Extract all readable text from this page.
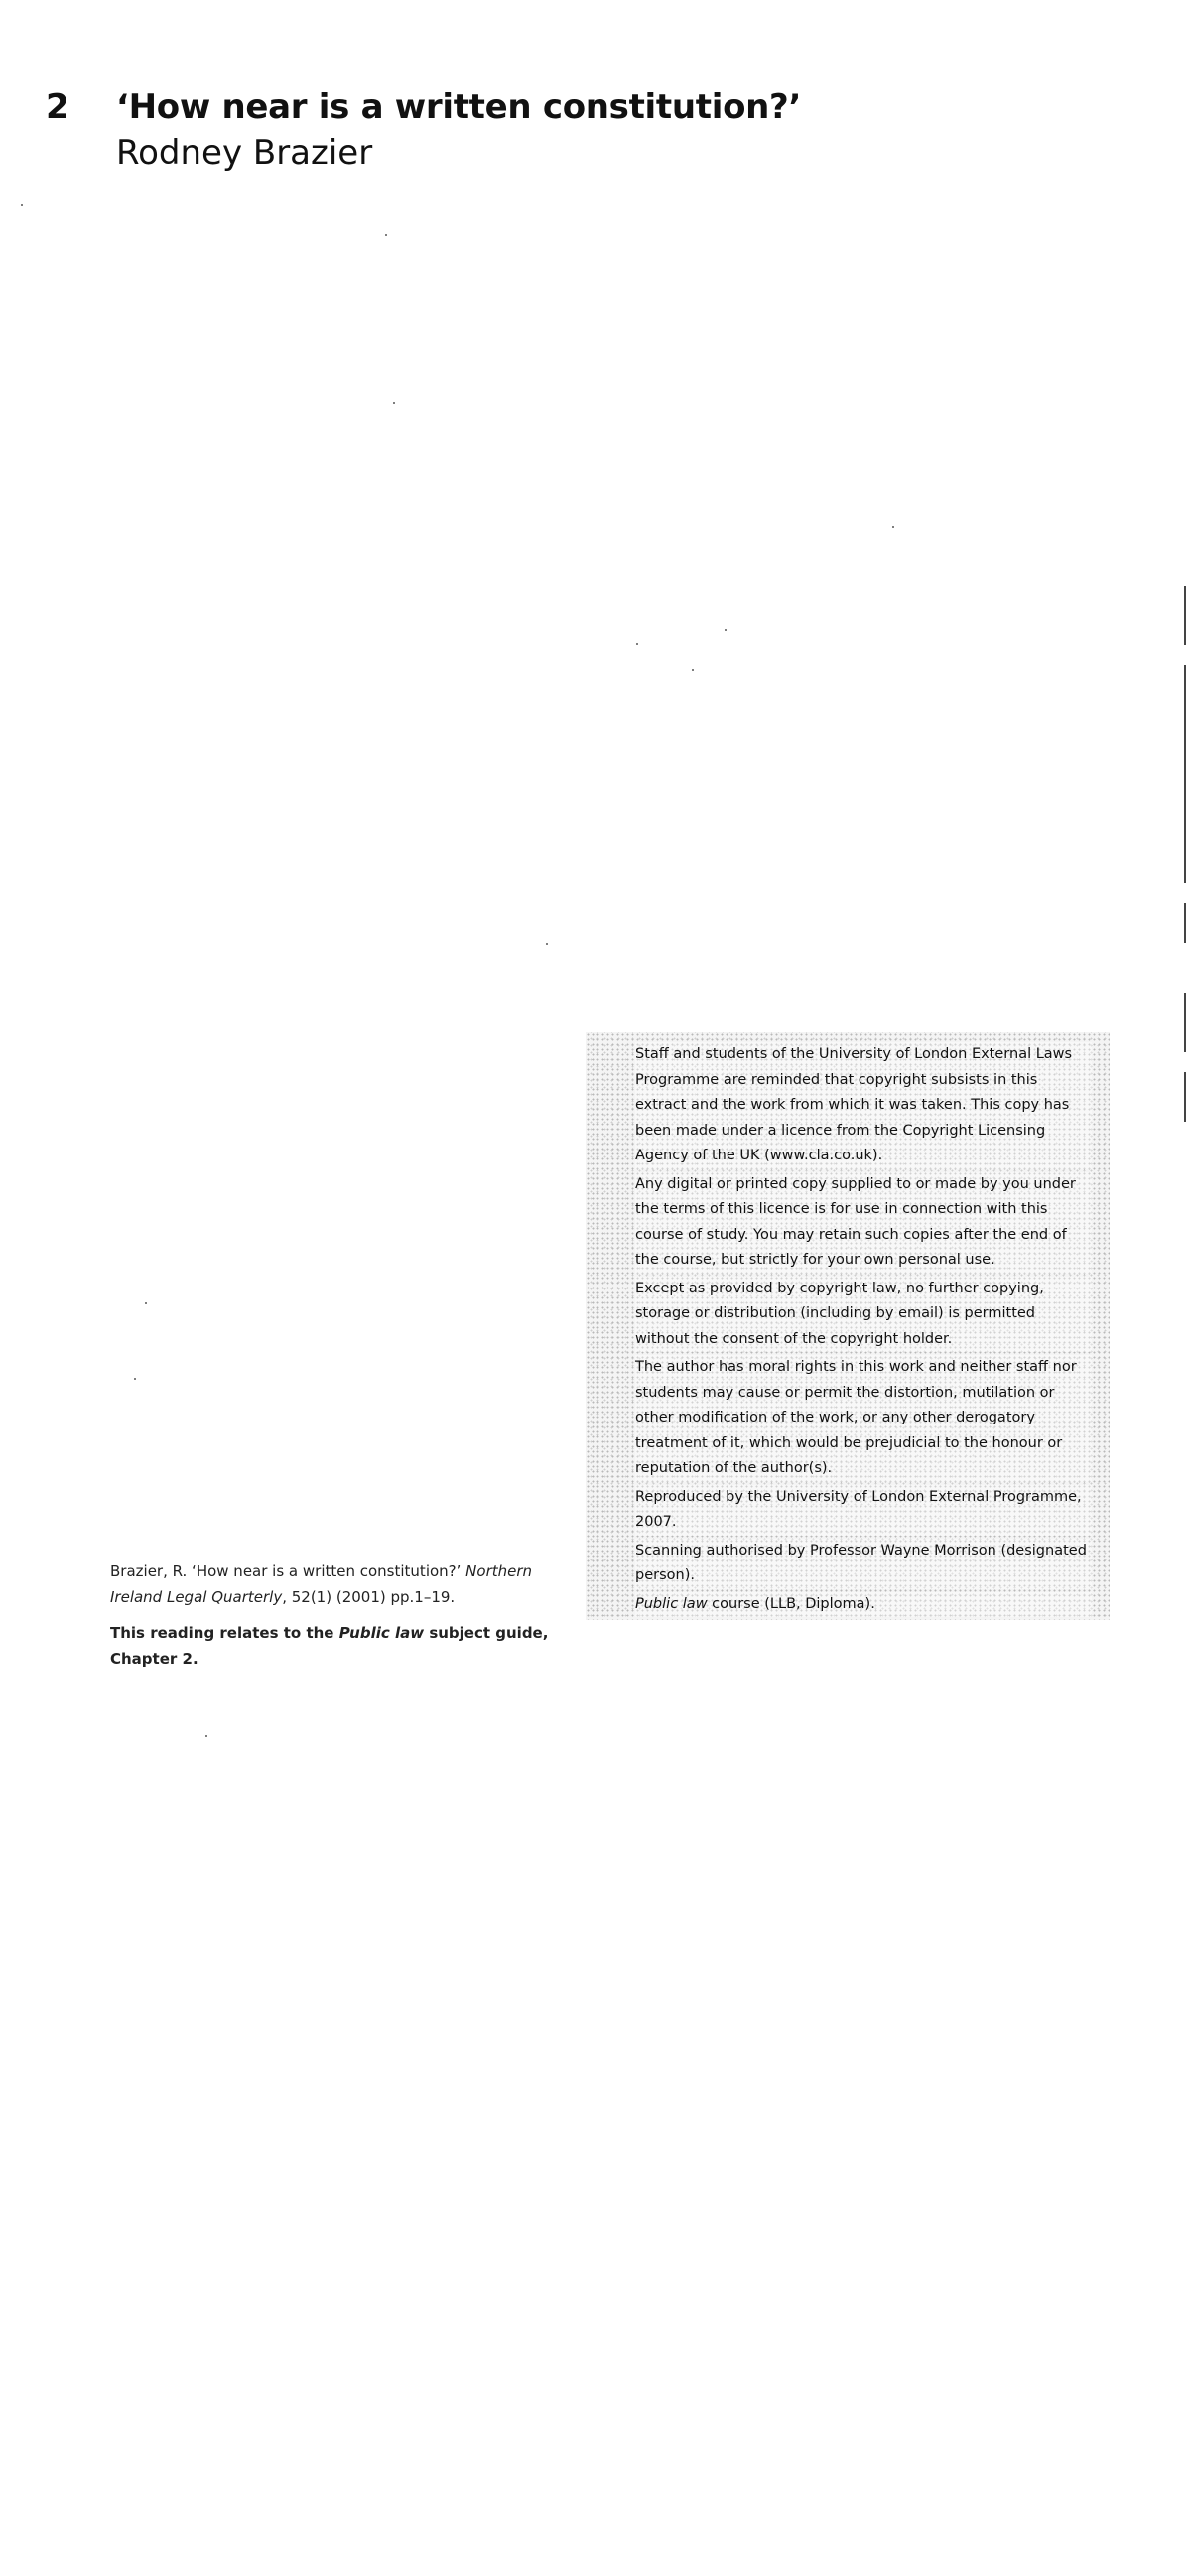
2 ‘How near is a written constitution?’
Rodney Brazier

Brazier, R. ‘How near is a written constitution?’ Northern Ireland Legal Quarterly, 52(1) (2001) pp.1–19.

This reading relates to the Public law subject guide, Chapter 2.

Staff and students of the University of London External Laws Programme are reminded that copyright subsists in this extract and the work from which it was taken. This copy has been made under a licence from the Copyright Licensing Agency of the UK (www.cla.co.uk).

Any digital or printed copy supplied to or made by you under the terms of this licence is for use in connection with this course of study. You may retain such copies after the end of the course, but strictly for your own personal use.

Except as provided by copyright law, no further copying, storage or distribution (including by email) is permitted without the consent of the copyright holder.

The author has moral rights in this work and neither staff nor students may cause or permit the distortion, mutilation or other modification of the work, or any other derogatory treatment of it, which would be prejudicial to the honour or reputation of the author(s).

Reproduced by the University of London External Programme, 2007.

Scanning authorised by Professor Wayne Morrison (designated person).

Public law course (LLB, Diploma).
